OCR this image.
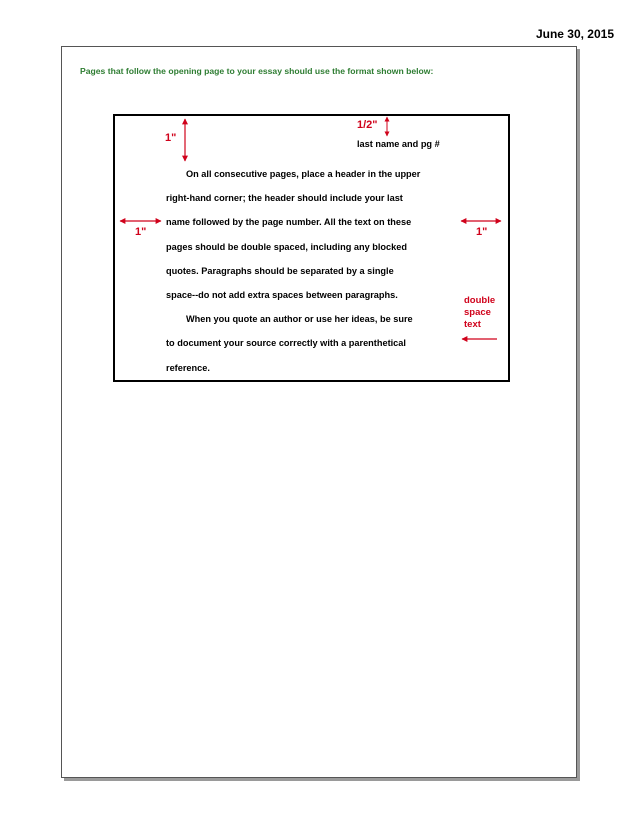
June 30, 2015
Pages that follow the opening page to your essay should use the format shown below:
1"
1/2"
1"	1"
last name and pg #

On all consecutive pages, place a header in the upper

right-hand corner; the header should include your last

name followed by the page number. All the text on these

pages should be double spaced, including any blocked

quotes. Paragraphs should be separated by a single

space--do not add extra spaces between paragraphs.

When you quote an author or use her ideas, be sure

to document your source correctly with a parenthetical

reference.

double
space
text
